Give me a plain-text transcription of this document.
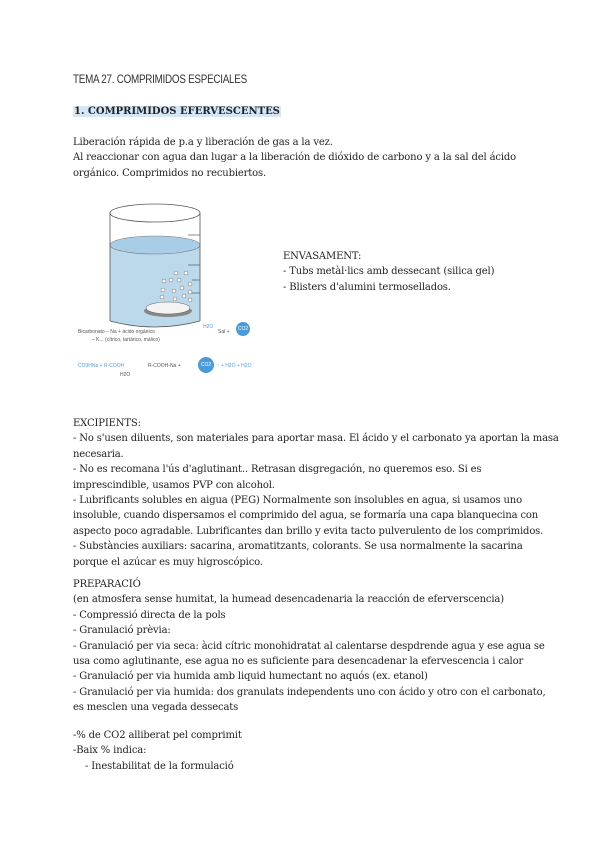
TEMA 27. COMPRIMIDOS ESPECIALES
1. COMPRIMIDOS EFERVESCENTES
Liberación rápida de p.a y liberación de gas a la vez.
Al reaccionar con agua dan lugar a la liberación de dióxido de carbono y a la sal del ácido
orgánico. Comprimidos no recubiertos.
Bicarbonato – Na + ácido orgánico
– K... (cítrico, tartárico, málico)
H2O
Sal +	CO2
CO3HNa + R-COOH
H2O
R-COOH-Na +	CO2	↑ + H2O + H2O
ENVASAMENT:
- Tubs metàl·lics amb dessecant (silica gel)
- Blisters d'alumini termosellados.
EXCIPIENTS:
- No s'usen diluents, son materiales para aportar masa. El ácido y el carbonato ya aportan la masa
necesaria.
- No es recomana l'ús d'aglutinant.. Retrasan disgregación, no queremos eso. Si es
imprescindible, usamos PVP con alcohol.
- Lubrificants solubles en aigua (PEG) Normalmente son insolubles en agua, si usamos uno
insoluble, cuando dispersamos el comprimido del agua, se formaría una capa blanquecina con
aspecto poco agradable. Lubrificantes dan brillo y evita tacto pulverulento de los comprimidos.
- Substàncies auxiliars: sacarina, aromatitzants, colorants. Se usa normalmente la sacarina
porque el azúcar es muy higroscópico.
PREPARACIÓ
(en atmosfera sense humitat, la humead desencadenaria la reacción de eferverscencia)
- Compressió directa de la pols
- Granulació prèvia:
- Granulació per via seca: àcid cítric monohidratat al calentarse despdrende agua y ese agua se
usa como aglutinante, ese agua no es suficiente para desencadenar la efervescencia i calor
- Granulació per via humida amb liquid humectant no aquós (ex. etanol)
- Granulació per via humida: dos granulats independents uno con ácido y otro con el carbonato,
es mesclen una vegada dessecats
-% de CO2 alliberat pel comprimit
-Baix % indica:
- Inestabilitat de la formulació
